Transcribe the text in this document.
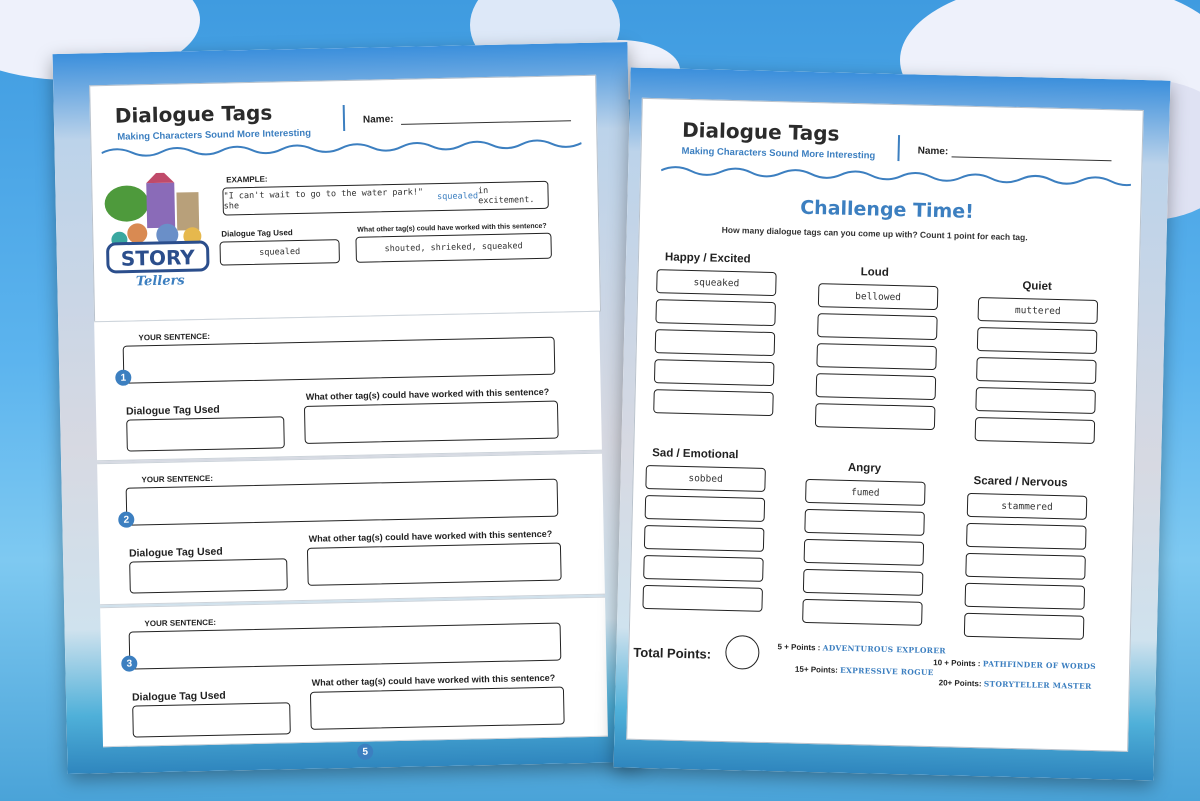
Dialogue Tags
Making Characters Sound More Interesting
Name:
STORY
Tellers
EXAMPLE:
"I can't wait to go to the water park!" she
squealed
in excitement.
Dialogue Tag Used
squealed
What other tag(s) could have worked with this sentence?
shouted, shrieked, squeaked
YOUR SENTENCE:
1
Dialogue Tag Used
What other tag(s) could have worked with this sentence?
YOUR SENTENCE:
2
Dialogue Tag Used
What other tag(s) could have worked with this sentence?
YOUR SENTENCE:
3
Dialogue Tag Used
What other tag(s) could have worked with this sentence?
5
Dialogue Tags
Making Characters Sound More Interesting	Name:
Challenge Time!
How many dialogue tags can you come up with? Count 1 point for each tag.
Happy / Excited
squeaked
Loud
bellowed
Quiet
muttered
Sad / Emotional
sobbed
Angry
fumed
Scared / Nervous
stammered
Total Points:	5 + Points : ADVENTUROUS EXPLORER
10 + Points : PATHFINDER OF WORDS
15+ Points: EXPRESSIVE ROGUE
20+ Points: STORYTELLER MASTER
